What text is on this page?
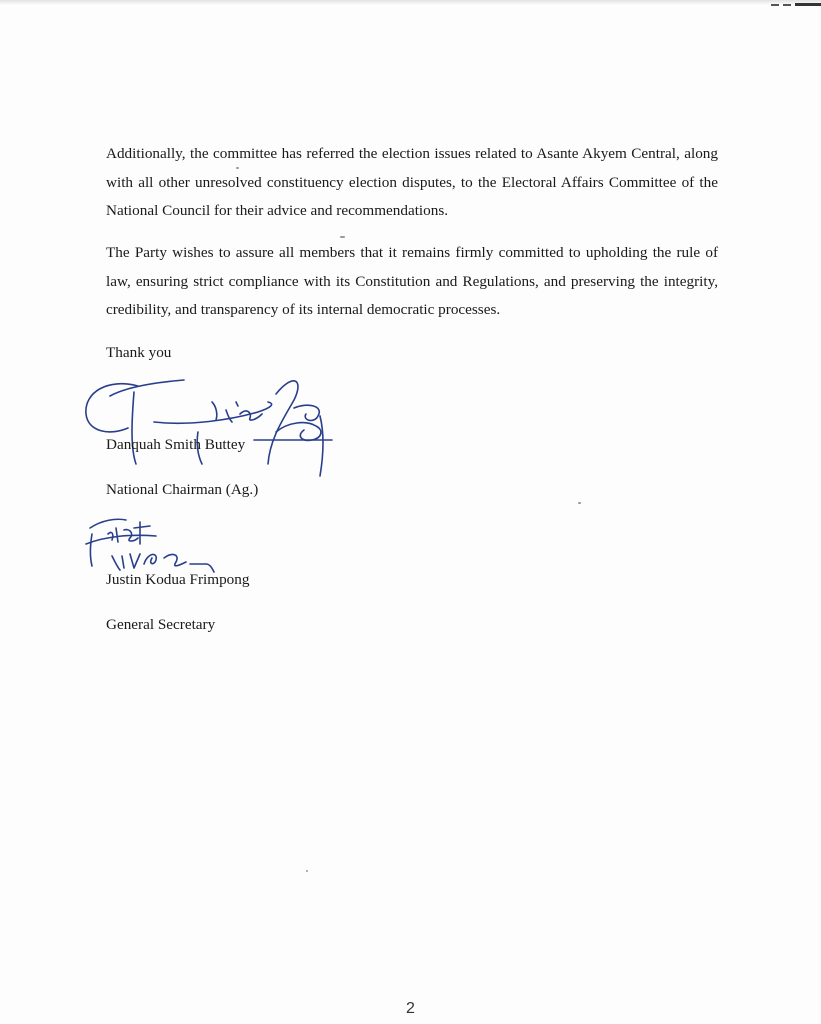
Additionally, the committee has referred the election issues related to Asante Akyem Central, along with all other unresolved constituency election disputes, to the Electoral Affairs Committee of the National Council for their advice and recommendations.

The Party wishes to assure all members that it remains firmly committed to upholding the rule of law, ensuring strict compliance with its Constitution and Regulations, and preserving the integrity, credibility, and transparency of its internal democratic processes.

Thank you

Danquah Smith Buttey

National Chairman (Ag.)

Justin Kodua Frimpong

General Secretary

2
